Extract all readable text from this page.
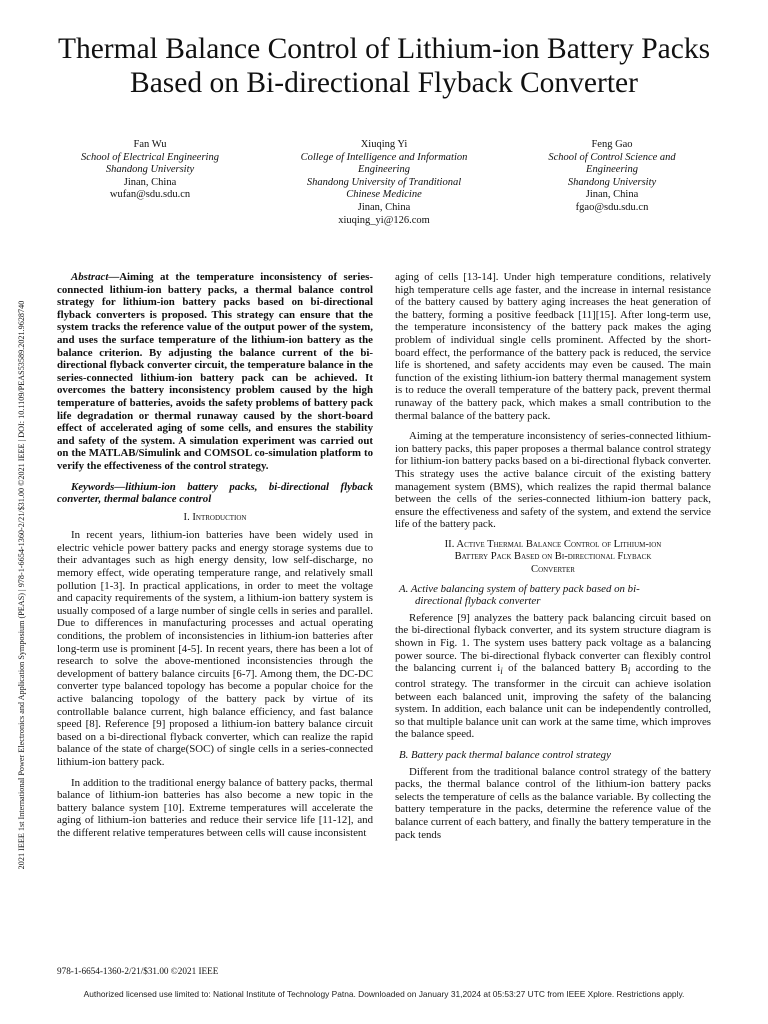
Thermal Balance Control of Lithium-ion Battery Packs Based on Bi-directional Flyback Converter
Fan Wu
School of Electrical Engineering
Shandong University
Jinan, China
wufan@sdu.sdu.cn
Xiuqing Yi
College of Intelligence and Information
Engineering
Shandong University of Tranditional
Chinese Medicine
Jinan, China
xiuqing_yi@126.com
Feng Gao
School of Control Science and
Engineering
Shandong University
Jinan, China
fgao@sdu.sdu.cn
2021 IEEE 1st International Power Electronics and Application Symposium (PEAS) | 978-1-6654-1360-2/21/$31.00 ©2021 IEEE | DOI: 10.1109/PEAS53589.2021.9628740

Abstract—Aiming at the temperature inconsistency of series-connected lithium-ion battery packs, a thermal balance control strategy for lithium-ion battery packs based on bi-directional flyback converters is proposed. This strategy can ensure that the system tracks the reference value of the output power of the system, and uses the surface temperature of the lithium-ion battery as the balance criterion. By adjusting the balance current of the bi-directional flyback converter circuit, the temperature balance in the series-connected lithium-ion battery pack can be achieved. It overcomes the battery inconsistency problem caused by the high temperature of batteries, avoids the safety problems of battery pack life degradation or thermal runaway caused by the short-board effect of accelerated aging of some cells, and ensures the stability and safety of the system. A simulation experiment was carried out on the MATLAB/Simulink and COMSOL co-simulation platform to verify the effectiveness of the control strategy.

Keywords—lithium-ion battery packs, bi-directional flyback converter, thermal balance control

I. Introduction

In recent years, lithium-ion batteries have been widely used in electric vehicle power battery packs and energy storage systems due to their advantages such as high energy density, low self-discharge, no memory effect, wide operating temperature range, and relatively small pollution [1-3]. In practical applications, in order to meet the voltage and capacity requirements of the system, a lithium-ion battery system is usually composed of a large number of single cells in series and parallel. Due to differences in manufacturing processes and actual operating conditions, the problem of inconsistencies in lithium-ion batteries after long-term use is prominent [4-5]. In recent years, there has been a lot of research to solve the above-mentioned inconsistencies through the development of battery balance circuits [6-7]. Among them, the DC-DC converter type balanced topology has become a popular choice for the active balancing topology of the battery pack by virtue of its controllable balance current, high balance efficiency, and fast balance speed [8]. Reference [9] proposed a lithium-ion battery balance circuit based on a bi-directional flyback converter, which can realize the rapid balance of the state of charge(SOC) of single cells in a series-connected lithium-ion battery pack.

In addition to the traditional energy balance of battery packs, thermal balance of lithium-ion batteries has also become a new topic in the battery balance system [10]. Extreme temperatures will accelerate the aging of lithium-ion batteries and reduce their service life [11-12], and the different relative temperatures between cells will cause inconsistent

aging of cells [13-14]. Under high temperature conditions, relatively high temperature cells age faster, and the increase in internal resistance of the battery caused by battery aging increases the heat generation of the battery, forming a positive feedback [11][15]. After long-term use, the temperature inconsistency of the battery pack makes the aging problem of individual single cells prominent. Affected by the short-board effect, the performance of the battery pack is reduced, the service life is shortened, and safety accidents may even be caused. The main function of the existing lithium-ion battery thermal management system is to reduce the overall temperature of the battery pack, prevent thermal runaway of the battery pack, which makes a small contribution to the thermal balance of the battery pack.

Aiming at the temperature inconsistency of series-connected lithium-ion battery packs, this paper proposes a thermal balance control strategy for lithium-ion battery packs based on a bi-directional flyback converter. This strategy uses the active balance circuit of the existing battery management system (BMS), which realizes the rapid thermal balance between the cells of the series-connected lithium-ion battery pack, ensure the effectiveness and safety of the system, and extend the service life of the battery pack.

II. Active Thermal Balance Control of Lithium-ion
Battery Pack Based on Bi-directional Flyback
Converter
A. Active balancing system of battery pack based on bi-
directional flyback converter

Reference [9] analyzes the battery pack balancing circuit based on the bi-directional flyback converter, and its system structure diagram is shown in Fig. 1. The system uses battery pack voltage as a balancing power source. The bi-directional flyback converter can flexibly control the balancing current $i_i$ of the balanced battery $B_i$ according to the control strategy. The transformer in the circuit can achieve isolation between each balanced unit, improving the safety of the balancing system. In addition, each balance unit can be independently controlled, so that multiple balance unit can work at the same time, which improves the balance speed.

B. Battery pack thermal balance control strategy

Different from the traditional balance control strategy of the battery packs, the thermal balance control of the lithium-ion battery packs selects the temperature of cells as the balance variable. By collecting the battery temperature in the packs, determine the reference value of the balance current of each battery, and finally the battery temperature in the pack tends

978-1-6654-1360-2/21/$31.00 ©2021 IEEE
Authorized licensed use limited to: National Institute of Technology Patna. Downloaded on January 31,2024 at 05:53:27 UTC from IEEE Xplore. Restrictions apply.
